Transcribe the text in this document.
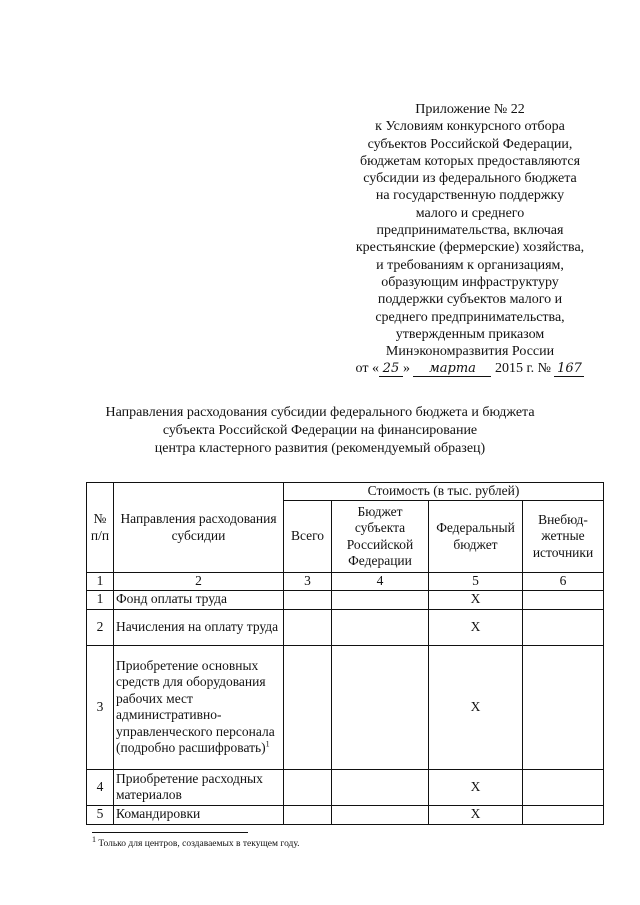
Приложение № 22
к Условиям конкурсного отбора
субъектов Российской Федерации,
бюджетам которых предоставляются
субсидии из федерального бюджета
на государственную поддержку
малого и среднего
предпринимательства, включая
крестьянские (фермерские) хозяйства,
и требованиям к организациям,
образующим инфраструктуру
поддержки субъектов малого и
среднего предпринимательства,
утвержденным приказом
Минэкономразвития России
от « 25 » марта 2015 г. № 167
Направления расходования субсидии федерального бюджета и бюджета
субъекта Российской Федерации на финансирование
центра кластерного развития (рекомендуемый образец)
№ п/п	Направления расходования субсидии	Стоимость (в тыс. рублей)			
		Всего	Бюджет субъекта Российской Федерации	Федеральный бюджет	Внебюд-жетные источники
1	2	3	4	5	6
1	Фонд оплаты труда			X	
2	Начисления на оплату труда			X	
3	Приобретение основных средств для оборудования рабочих мест административно-управленческого персонала (подробно расшифровать)$^1$			X	
4	Приобретение расходных материалов			X	
5	Командировки			X	
$^1$ Только для центров, создаваемых в текущем году.
